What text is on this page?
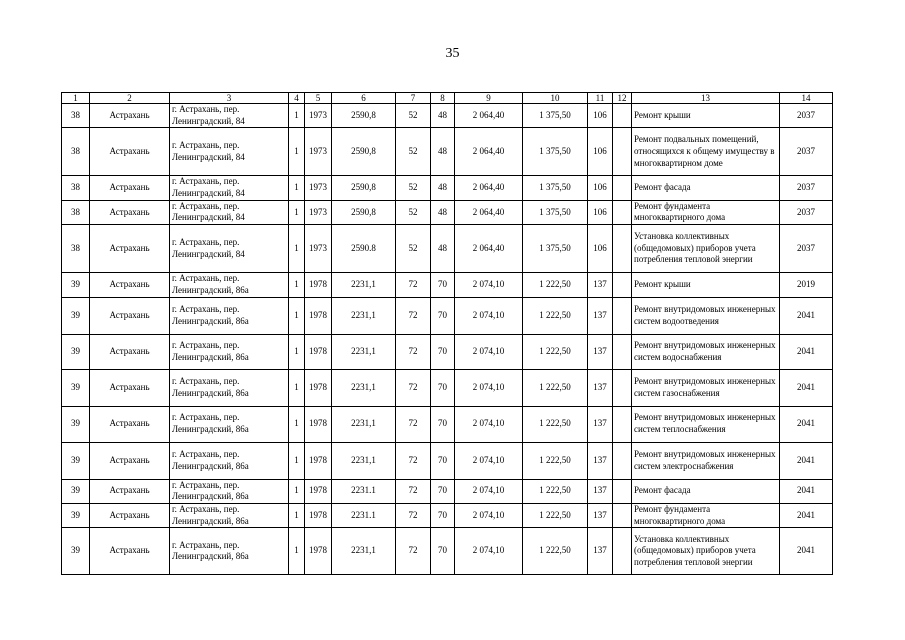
35
1	2	3	4	5	6	7	8	9	10	11	12	13	14
38	Астрахань	г. Астрахань, пер. Ленинградский, 84	1	1973	2590,8	52	48	2 064,40	1 375,50	106		Ремонт крыши	2037
38	Астрахань	г. Астрахань, пер. Ленинградский, 84	1	1973	2590,8	52	48	2 064,40	1 375,50	106		Ремонт подвальных помещений, относящихся к общему имуществу в многоквартирном доме	2037
38	Астрахань	г. Астрахань, пер. Ленинградский, 84	1	1973	2590,8	52	48	2 064,40	1 375,50	106		Ремонт фасада	2037
38	Астрахань	г. Астрахань, пер. Ленинградский, 84	1	1973	2590,8	52	48	2 064,40	1 375,50	106		Ремонт фундамента многоквартирного дома	2037
38	Астрахань	г. Астрахань, пер. Ленинградский, 84	1	1973	2590.8	52	48	2 064,40	1 375,50	106		Установка коллективных (общедомовых) приборов учета потребления тепловой энергии	2037
39	Астрахань	г. Астрахань, пер. Ленинградский, 86а	1	1978	2231,1	72	70	2 074,10	1 222,50	137		Ремонт крыши	2019
39	Астрахань	г. Астрахань, пер. Ленинградский, 86а	1	1978	2231,1	72	70	2 074,10	1 222,50	137		Ремонт внутридомовых инженерных систем водоотведения	2041
39	Астрахань	г. Астрахань, пер. Ленинградский, 86а	1	1978	2231,1	72	70	2 074,10	1 222,50	137		Ремонт внутридомовых инженерных систем водоснабжения	2041
39	Астрахань	г. Астрахань, пер. Ленинградский, 86а	1	1978	2231,1	72	70	2 074,10	1 222,50	137		Ремонт внутридомовых инженерных систем газоснабжения	2041
39	Астрахань	г. Астрахань, пер. Ленинградский, 86а	1	1978	2231,1	72	70	2 074,10	1 222,50	137		Ремонт внутридомовых инженерных систем теплоснабжения	2041
39	Астрахань	г. Астрахань, пер. Ленинградский, 86а	1	1978	2231,1	72	70	2 074,10	1 222,50	137		Ремонт внутридомовых инженерных систем электроснабжения	2041
39	Астрахань	г. Астрахань, пер. Ленинградский, 86а	1	1978	2231.1	72	70	2 074,10	1 222,50	137		Ремонт фасада	2041
39	Астрахань	г. Астрахань, пер. Ленинградский, 86а	1	1978	2231.1	72	70	2 074,10	1 222,50	137		Ремонт фундамента многоквартирного дома	2041
39	Астрахань	г. Астрахань, пер. Ленинградский, 86а	1	1978	2231,1	72	70	2 074,10	1 222,50	137		Установка коллективных (общедомовых) приборов учета потребления тепловой энергии	2041
